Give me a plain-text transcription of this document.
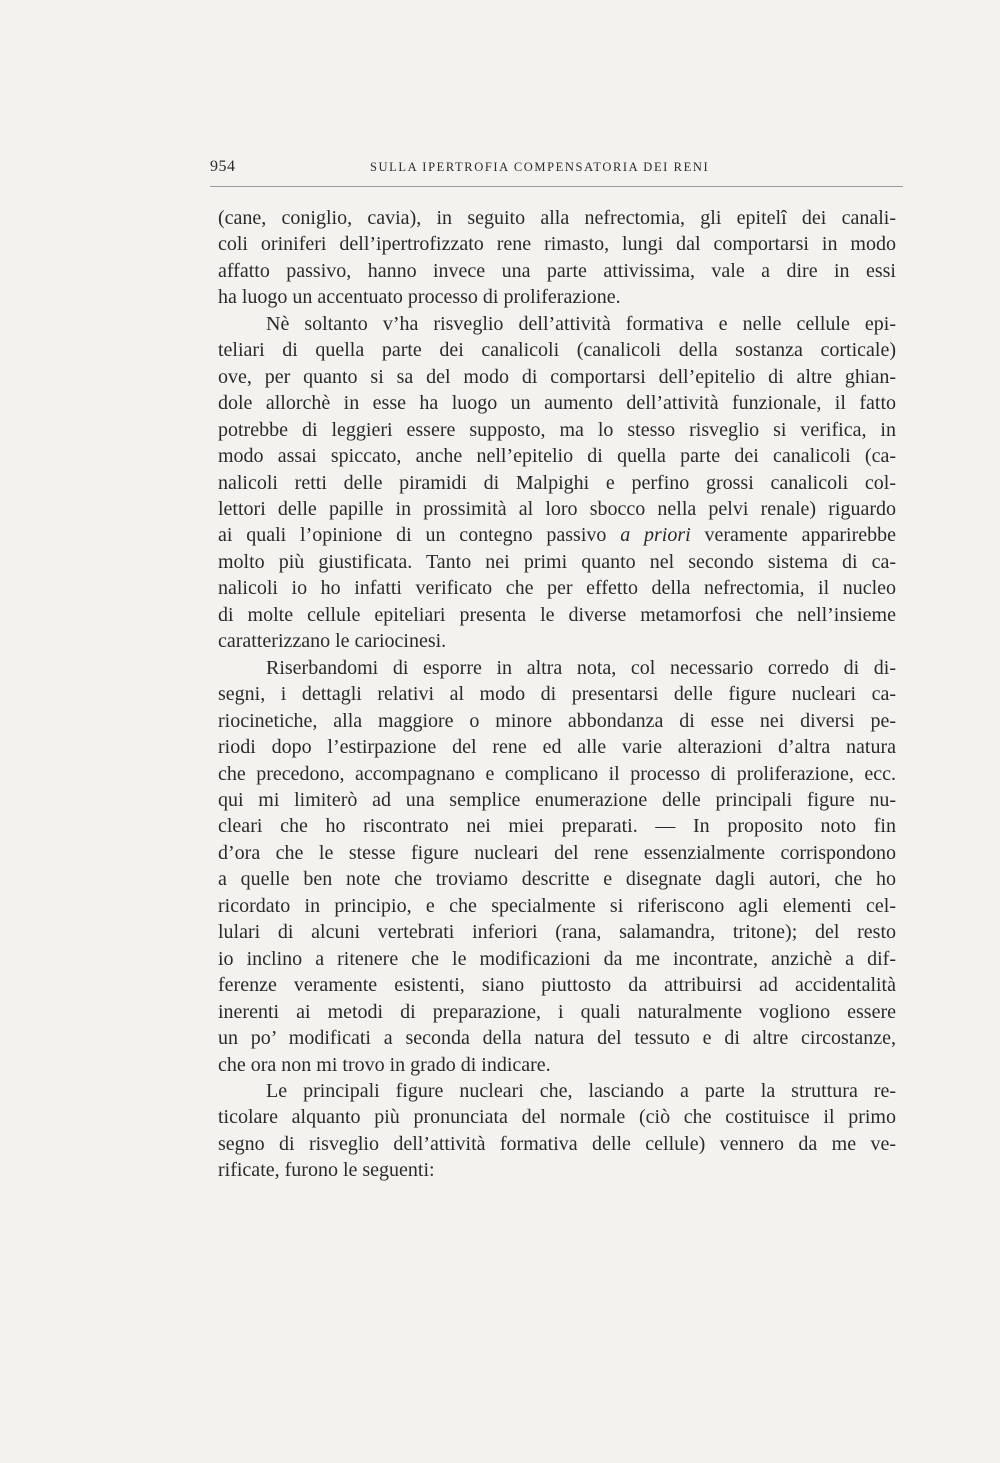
954	SULLA IPERTROFIA COMPENSATORIA DEI RENI
(cane, coniglio, cavia), in seguito alla nefrectomia, gli epitelî dei canali-
coli oriniferi dell’ipertrofizzato rene rimasto, lungi dal comportarsi in modo
affatto passivo, hanno invece una parte attivissima, vale a dire in essi
ha luogo un accentuato processo di proliferazione.
Nè soltanto v’ha risveglio dell’attività formativa e nelle cellule epi-
teliari di quella parte dei canalicoli (canalicoli della sostanza corticale)
ove, per quanto si sa del modo di comportarsi dell’epitelio di altre ghian-
dole allorchè in esse ha luogo un aumento dell’attività funzionale, il fatto
potrebbe di leggieri essere supposto, ma lo stesso risveglio si verifica, in
modo assai spiccato, anche nell’epitelio di quella parte dei canalicoli (ca-
nalicoli retti delle piramidi di Malpighi e perfino grossi canalicoli col-
lettori delle papille in prossimità al loro sbocco nella pelvi renale) riguardo
ai quali l’opinione di un contegno passivo a priori veramente apparirebbe
molto più giustificata. Tanto nei primi quanto nel secondo sistema di ca-
nalicoli io ho infatti verificato che per effetto della nefrectomia, il nucleo
di molte cellule epiteliari presenta le diverse metamorfosi che nell’insieme
caratterizzano le cariocinesi.
Riserbandomi di esporre in altra nota, col necessario corredo di di-
segni, i dettagli relativi al modo di presentarsi delle figure nucleari ca-
riocinetiche, alla maggiore o minore abbondanza di esse nei diversi pe-
riodi dopo l’estirpazione del rene ed alle varie alterazioni d’altra natura
che precedono, accompagnano e complicano il processo di proliferazione, ecc.
qui mi limiterò ad una semplice enumerazione delle principali figure nu-
cleari che ho riscontrato nei miei preparati. — In proposito noto fin
d’ora che le stesse figure nucleari del rene essenzialmente corrispondono
a quelle ben note che troviamo descritte e disegnate dagli autori, che ho
ricordato in principio, e che specialmente si riferiscono agli elementi cel-
lulari di alcuni vertebrati inferiori (rana, salamandra, tritone); del resto
io inclino a ritenere che le modificazioni da me incontrate, anzichè a dif-
ferenze veramente esistenti, siano piuttosto da attribuirsi ad accidentalità
inerenti ai metodi di preparazione, i quali naturalmente vogliono essere
un po’ modificati a seconda della natura del tessuto e di altre circostanze,
che ora non mi trovo in grado di indicare.
Le principali figure nucleari che, lasciando a parte la struttura re-
ticolare alquanto più pronunciata del normale (ciò che costituisce il primo
segno di risveglio dell’attività formativa delle cellule) vennero da me ve-
rificate, furono le seguenti:
